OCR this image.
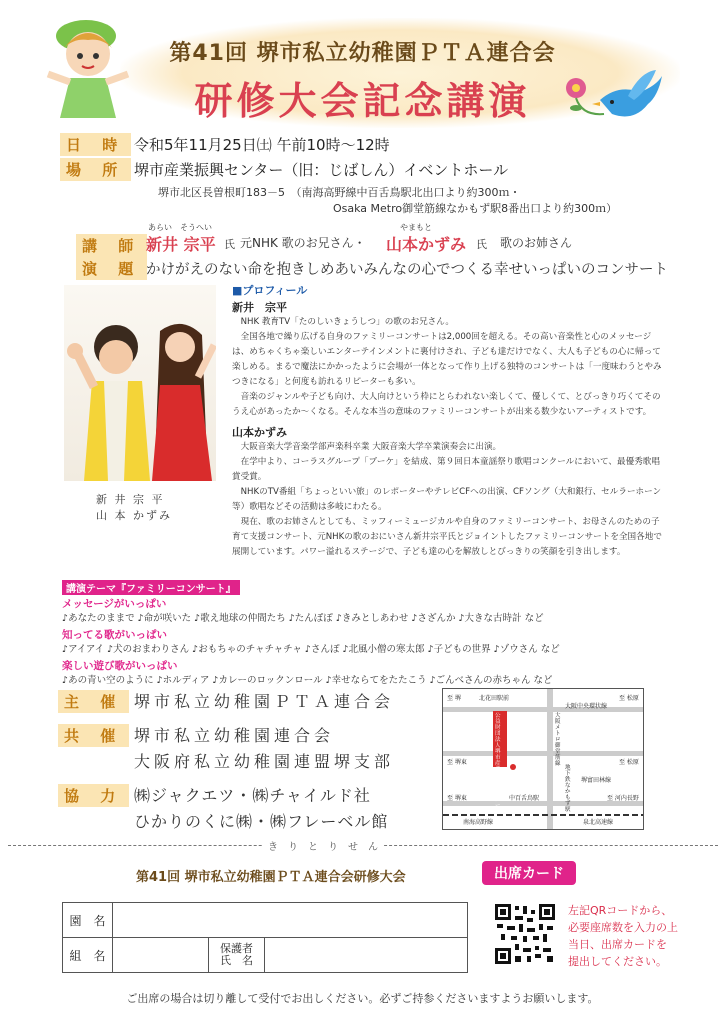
第41回 堺市私立幼稚園ＰＴＡ連合会
研修大会記念講演
日 時 令和5年11月25日㈯ 午前10時〜12時
場 所 堺市産業振興センター（旧：じばしん）イベントホール
堺市北区長曽根町183－5　（南海高野線中百舌鳥駅北出口より約300ｍ・
Osaka Metro御堂筋線なかもず駅8番出口より約300ｍ）
講 師
あらい　そうへい
新井 宗平 氏 元NHK 歌のお兄さん・
やまもと
山本かずみ 氏 歌のお姉さん
演 題 かけがえのない命を抱きしめあいみんなの心でつくる幸せいっぱいのコンサート
新 井 宗 平
山 本 かずみ
■プロフィール
新井　宗平
NHK 教育TV「たのしいきょうしつ」の歌のお兄さん。
全国各地で繰り広げる自身のファミリーコンサートは2,000回を超える。その高い音楽性と心のメッセージは、めちゃくちゃ楽しいエンターテインメントに裏付けされ、子ども達だけでなく、大人も子どもの心に帰って楽しめる。まるで魔法にかかったように会場が一体となって作り上げる独特のコンサートは「一度味わうとやみつきになる」と何度も訪れるリピーターも多い。
音楽のジャンルや子ども向け、大人向けという枠にとらわれない楽しくて、優しくて、とびっきり巧くてそのうえ心があったか～くなる。そんな本当の意味のファミリーコンサートが出来る数少ないアーティストです。
山本かずみ
大阪音楽大学音楽学部声楽科卒業 大阪音楽大学卒業演奏会に出演。
在学中より、コーラスグループ「ブーケ」を結成、第９回日本童謡祭り歌唱コンクールにおいて、最優秀歌唱賞受賞。
NHKのTV番組「ちょっといい旅」のレポーターやテレビCFへの出演、CFソング（大和銀行、セルラーホーン等）歌唱などその活動は多岐にわたる。
現在、歌のお姉さんとしても、ミッフィーミュージカルや自身のファミリーコンサート、お母さんのための子育て支援コンサート、元NHKの歌のおにいさん新井宗平氏とジョイントしたファミリーコンサートを全国各地で展開しています。パワー溢れるステージで、子ども達の心を解放しとびっきりの笑顔を引き出します。
講演テーマ『ファミリーコンサート』
メッセージがいっぱい
♪あなたのままで ♪命が咲いた ♪歌え地球の仲間たち ♪たんぽぽ ♪きみとしあわせ ♪さざんか ♪大きな古時計 など
知ってる歌がいっぱい
♪アイアイ ♪犬のおまわりさん ♪おもちゃのチャチャチャ ♪さんぽ ♪北風小僧の寒太郎 ♪子どもの世界 ♪ゾウさん など
楽しい遊び歌がいっぱい
♪あの青い空のように ♪ホルディア ♪カレーのロックンロール ♪幸せならてをたたこう ♪ごんべさんの赤ちゃん など
主 催 堺市私立幼稚園ＰＴＡ連合会
共 催 堺市私立幼稚園連合会
大阪府私立幼稚園連盟堺支部
協 力 ㈱ジャクエツ・㈱チャイルド社
ひかりのくに㈱・㈱フレーベル館
至 堺	北花田駅前	至 松原
大阪中央環状線
至 堺東	至 松原
堺富田林線
至 堺東	中百舌鳥駅	至 河内長野
南海高野線	泉北高速線
公益財団法人堺市産業振興センター
大阪メトロ御堂筋線
地下鉄なかもず駅
き　り　と　り　せ　ん
第41回 堺市私立幼稚園ＰＴＡ連合会研修大会	出席カード
園　名			
組　名		保護者
氏　名	

左記QRコードから、
必要座席数を入力の上
当日、出席カードを
提出してください。
ご出席の場合は切り離して受付でお出しください。必ずご持参くださいますようお願いします。
